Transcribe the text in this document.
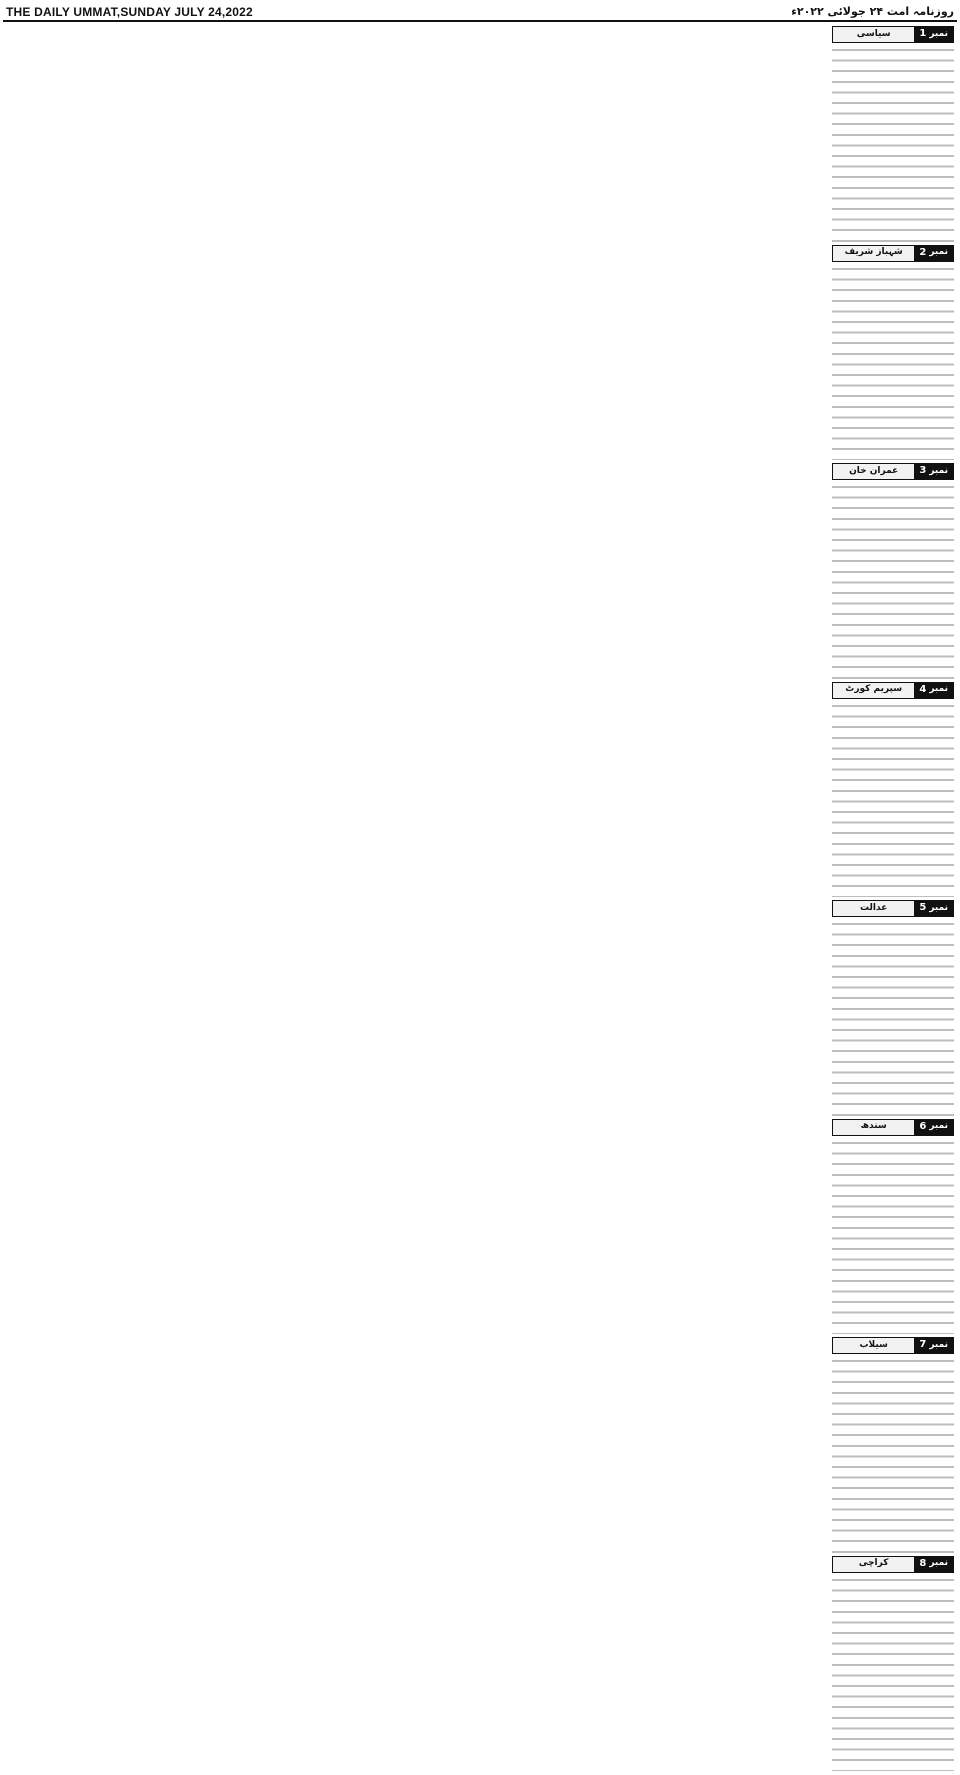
THE DAILY UMMAT,SUNDAY JULY 24,2022	روزنامہ امت ۲۴ جولائی ۲۰۲۲ء
نمبر
1
سیاسی
نمبر
2
شہباز شریف
نمبر
3
عمران خان
نمبر
4
سپریم کورٹ
نمبر
5
عدالت
نمبر
6
سندھ
نمبر
7
سیلاب
نمبر
8
کراچی
